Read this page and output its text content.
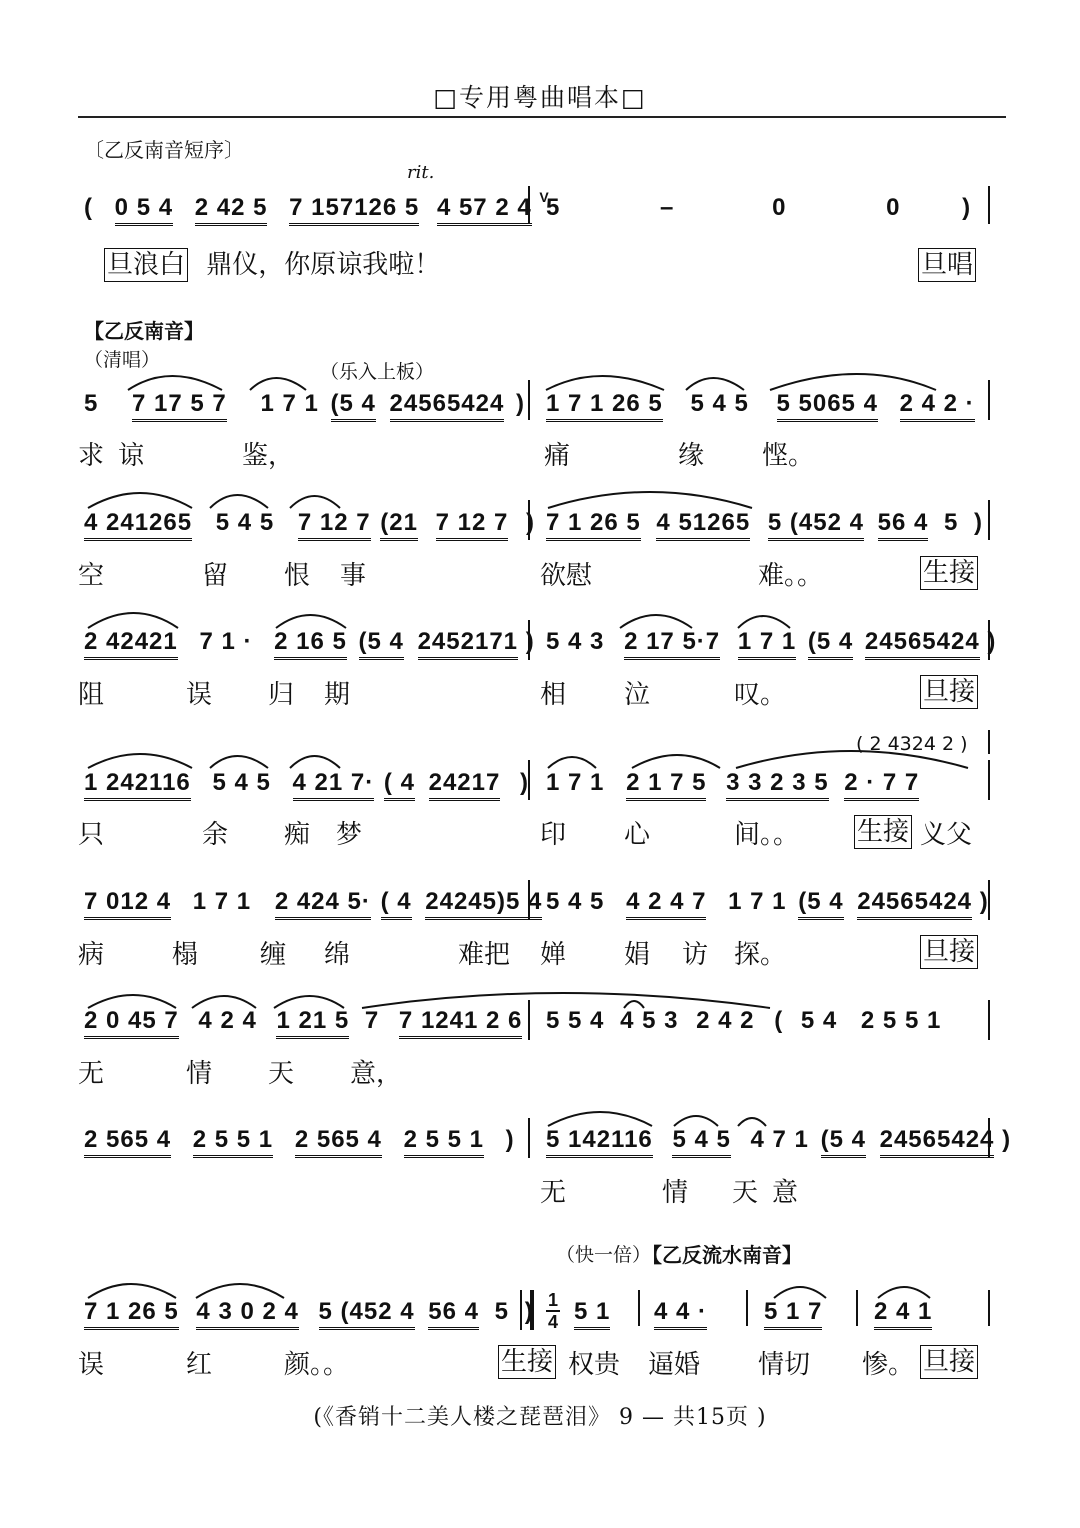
□专用粤曲唱本□
〔乙反南音短序〕
rit.
( 0 5 4 2 42 5 7 157126 5 4 57 2 4 V
5	–	0	0	)
旦浪白 鼎仪，你原谅我啦！	旦唱
【乙反南音】
（清唱）
（乐入上板）
5 7 17 5 7 1 7 1 (5 4 24565424 ) 1 7 1 26 5 5 4 5 5 5065 4 2 4 2 ·
求 谅	鉴，	痛	缘 悭。
4 241265 5 4 5 7 12 7 (21 7 12 7 ) 7 1 26 5 4 51265 5 (452 4 56 4 5 )
空	留 恨 事	欲慰	难。。	生接
2 42421 7 1 · 2 16 5 (5 4 2452171 ) 5 4 3 2 17 5·7 1 7 1 (5 4 24565424 )
阻	误 归 期	相 泣	叹。	旦接
( 2 4324 2 )
1 242116 5 4 5 4 21 7· ( 4 24217 ) 1 7 1 2 1 7 5 3 3 2 3 5 2 · 7 7
只	余 痴 梦	印 心	间。。 生接 义父
7 012 4 1 7 1 2 424 5· ( 4 24245)5 4 5 4 5 4 2 4 7 1 7 1 (5 4 24565424 )
病	榻 缠 绵	难把 婵 娟 访 探。	旦接
2 0 45 7 4 2 4 1 21 5 7 7 1241 2 6 5 5 4 4 5 3 2 4 2 ( 5 4 2 5 5 1
无	情 天 意，
2 565 4 2 5 5 1 2 565 4 2 5 5 1 ) 5 142116 5 4 5 4 7 1 (5 4 24565424 )
无	情 天 意
（快一倍）
【乙反流水南音】
7 1 26 5 4 3 0 2 4 5 (452 4 56 4 5 ) 1
4 5 1 4 4 · 5 1 7 2 4 1
误	红	颜。。	生接 权贵 逼婚 情切 惨。 旦接
(《香销十二美人楼之琵琶泪》 9 — 共15页 )
